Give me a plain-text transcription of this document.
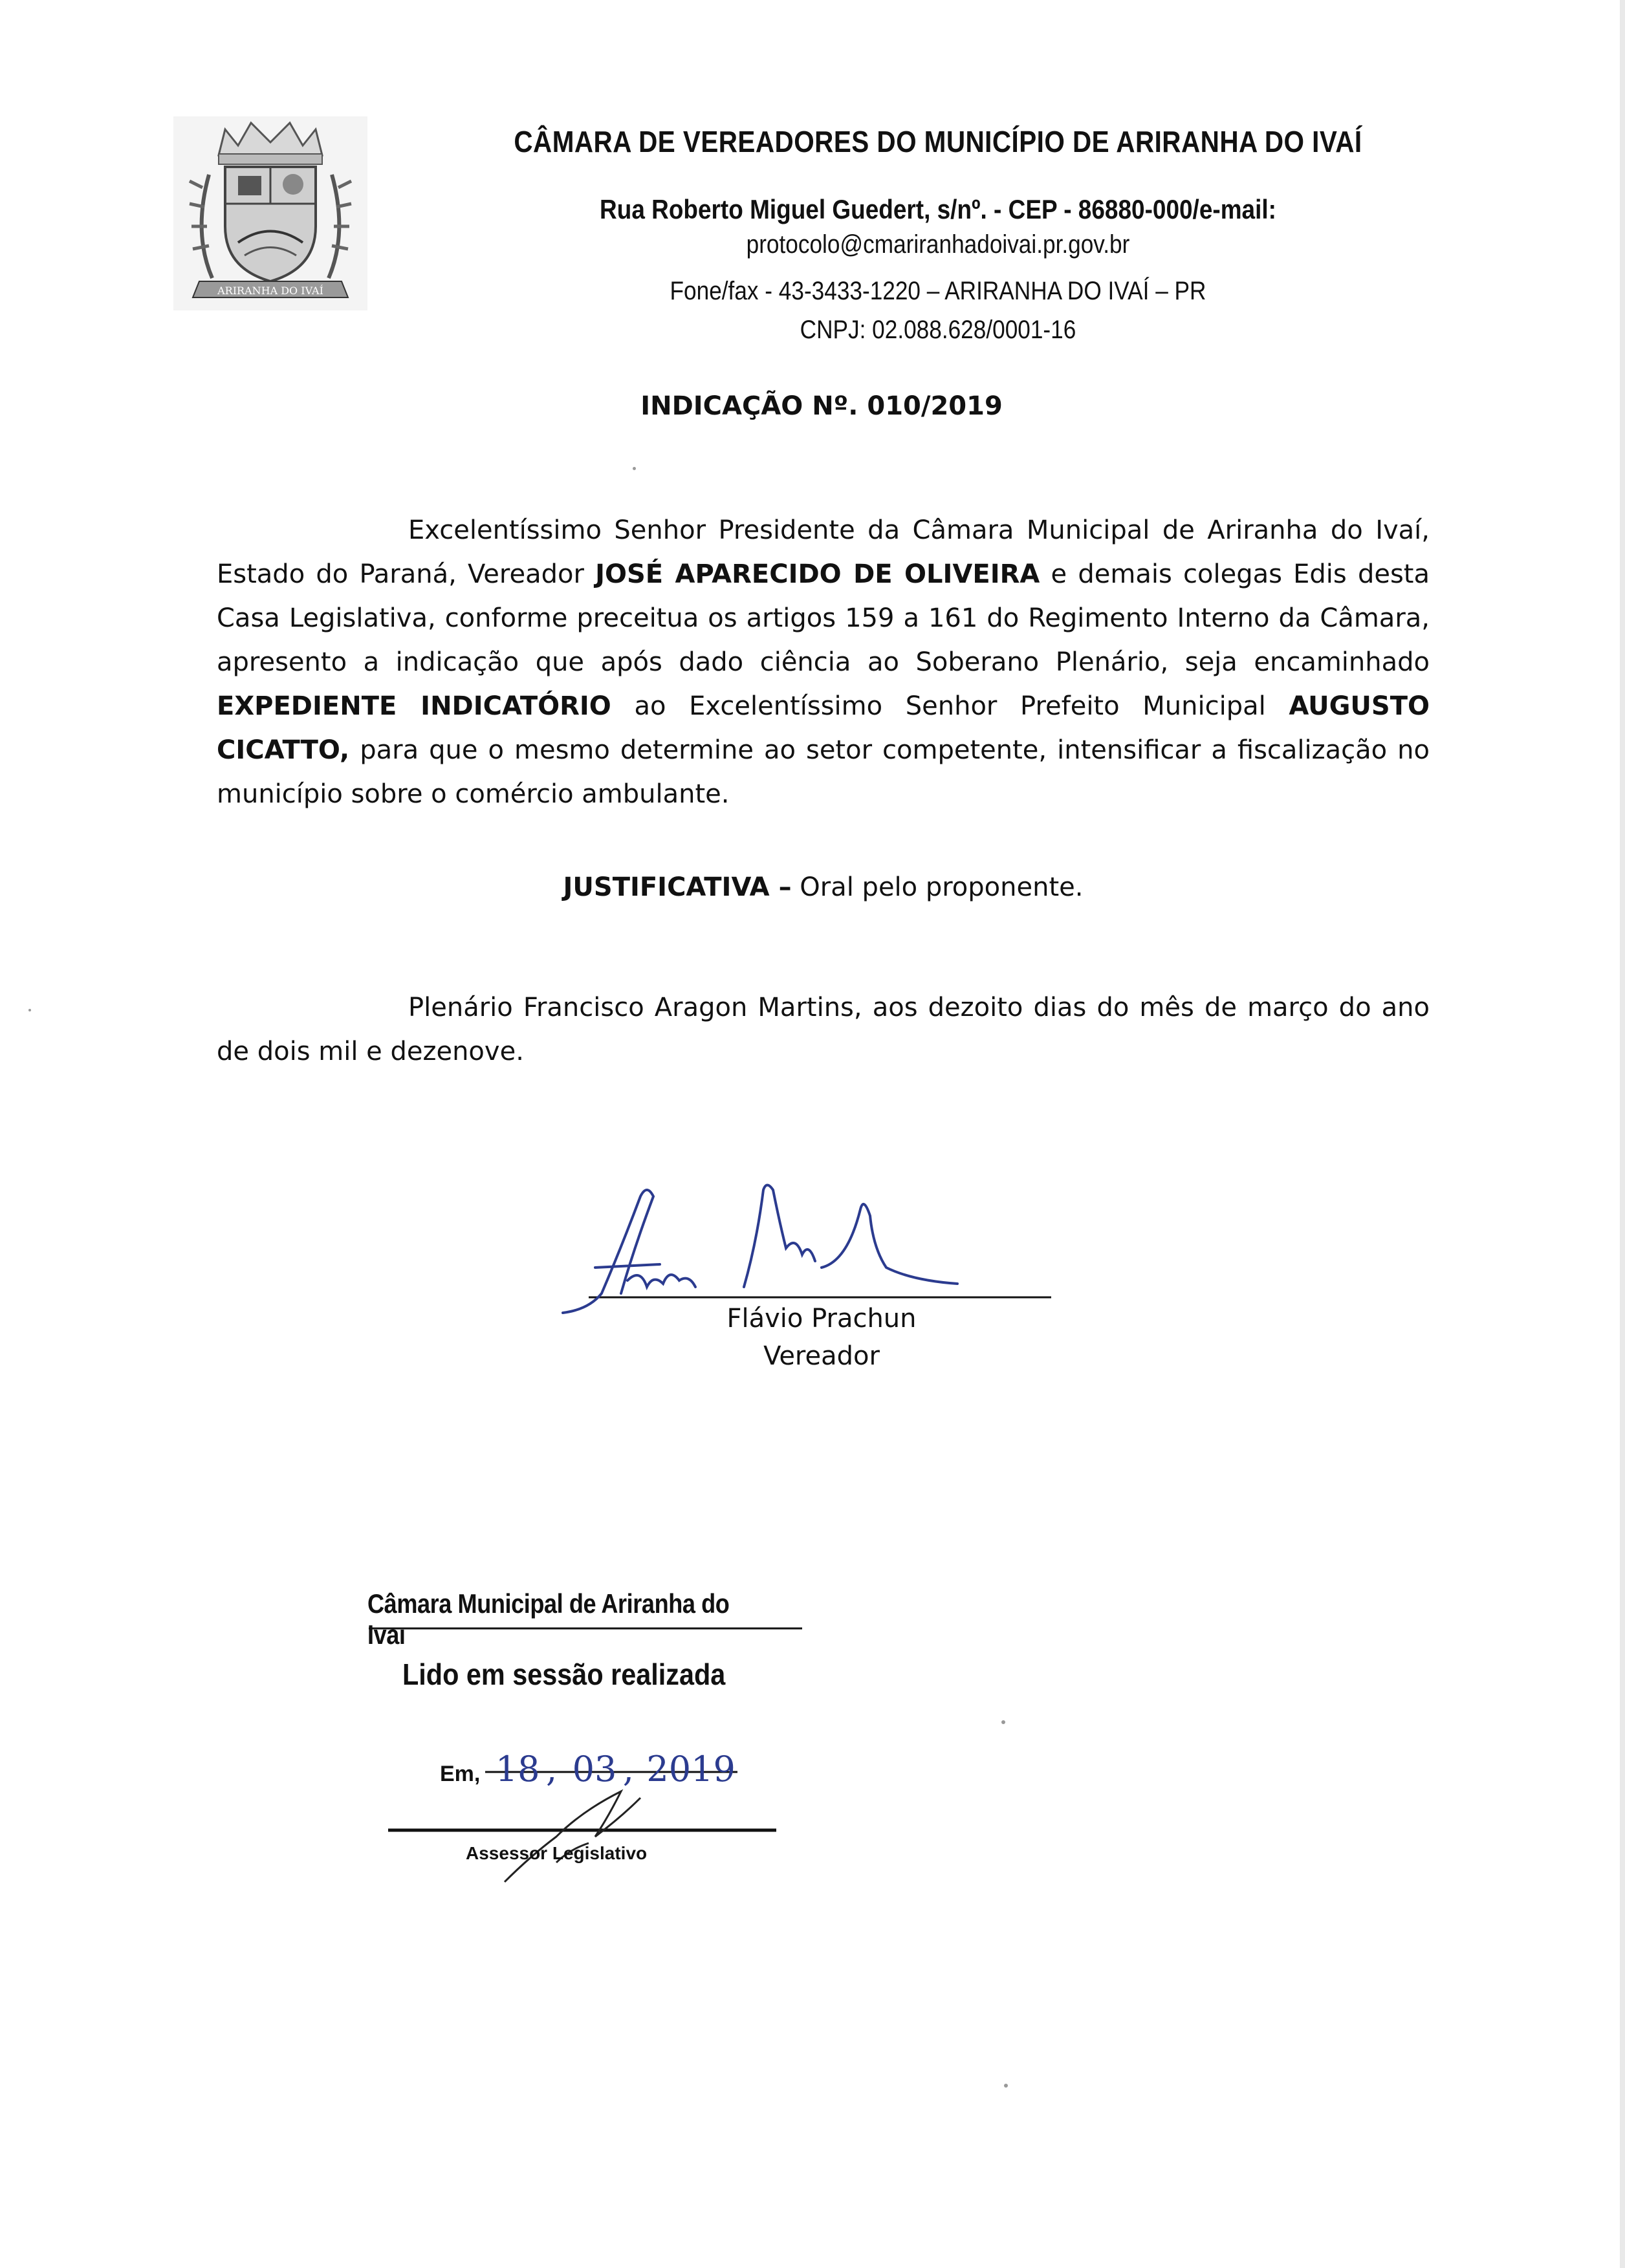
ARIRANHA DO IVAÍ
CÂMARA DE VEREADORES DO MUNICÍPIO DE ARIRANHA DO IVAÍ
Rua Roberto Miguel Guedert, s/nº. - CEP - 86880-000/e-mail:
protocolo@cmariranhadoivai.pr.gov.br
Fone/fax - 43-3433-1220 – ARIRANHA DO IVAÍ – PR
CNPJ: 02.088.628/0001-16
INDICAÇÃO Nº. 010/2019
Excelentíssimo Senhor Presidente da Câmara Municipal de Ariranha do Ivaí, Estado do Paraná, Vereador JOSÉ APARECIDO DE OLIVEIRA e demais colegas Edis desta Casa Legislativa, conforme preceitua os artigos 159 a 161 do Regimento Interno da Câmara, apresento a indicação que após dado ciência ao Soberano Plenário, seja encaminhado EXPEDIENTE INDICATÓRIO ao Excelentíssimo Senhor Prefeito Municipal AUGUSTO CICATTO, para que o mesmo determine ao setor competente, intensificar a fiscalização no município sobre o comércio ambulante.
JUSTIFICATIVA – Oral pelo proponente.
Plenário Francisco Aragon Martins, aos dezoito dias do mês de março do ano de dois mil e dezenove.
Flávio Prachun
Vereador
Câmara Municipal de Ariranha do Ivaı
Lido em sessão realizada
Em, 18 , 03 , 2019
Assessor Legislativo
